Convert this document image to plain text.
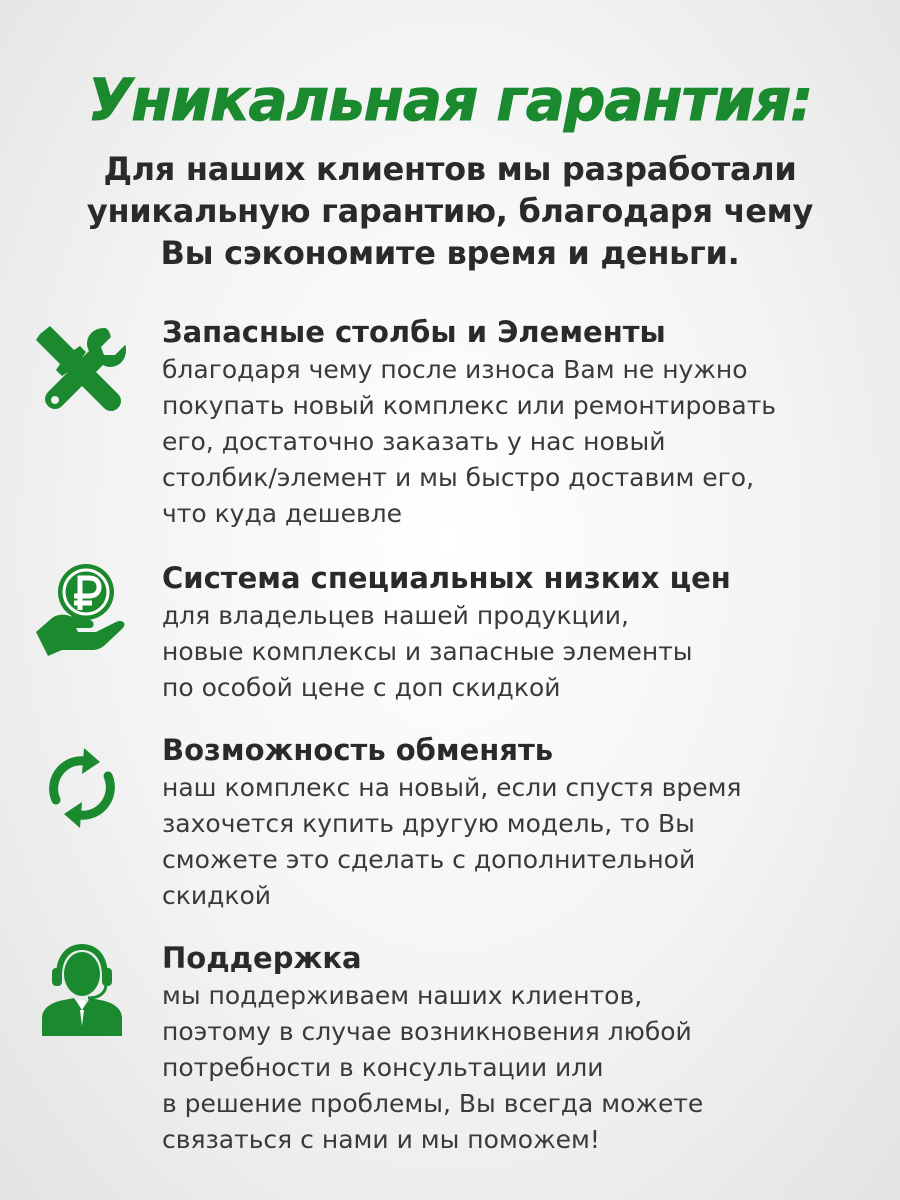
Уникальная гарантия:
Для наших клиентов мы разработали
уникальную гарантию, благодаря чему
Вы сэкономите время и деньги.
Запасные столбы и Элементы
благодаря чему после износа Вам не нужно
покупать новый комплекс или ремонтировать
его, достаточно заказать у нас новый
столбик/элемент и мы быстро доставим его,
что куда дешевле
Система специальных низких цен
для владельцев нашей продукции,
новые комплексы и запасные элементы
по особой цене с доп скидкой
Возможность обменять
наш комплекс на новый, если спустя время
захочется купить другую модель, то Вы
сможете это сделать с дополнительной
скидкой
Поддержка
мы поддерживаем наших клиентов,
поэтому в случае возникновения любой
потребности в консультации или
в решение проблемы, Вы всегда можете
связаться с нами и мы поможем!
